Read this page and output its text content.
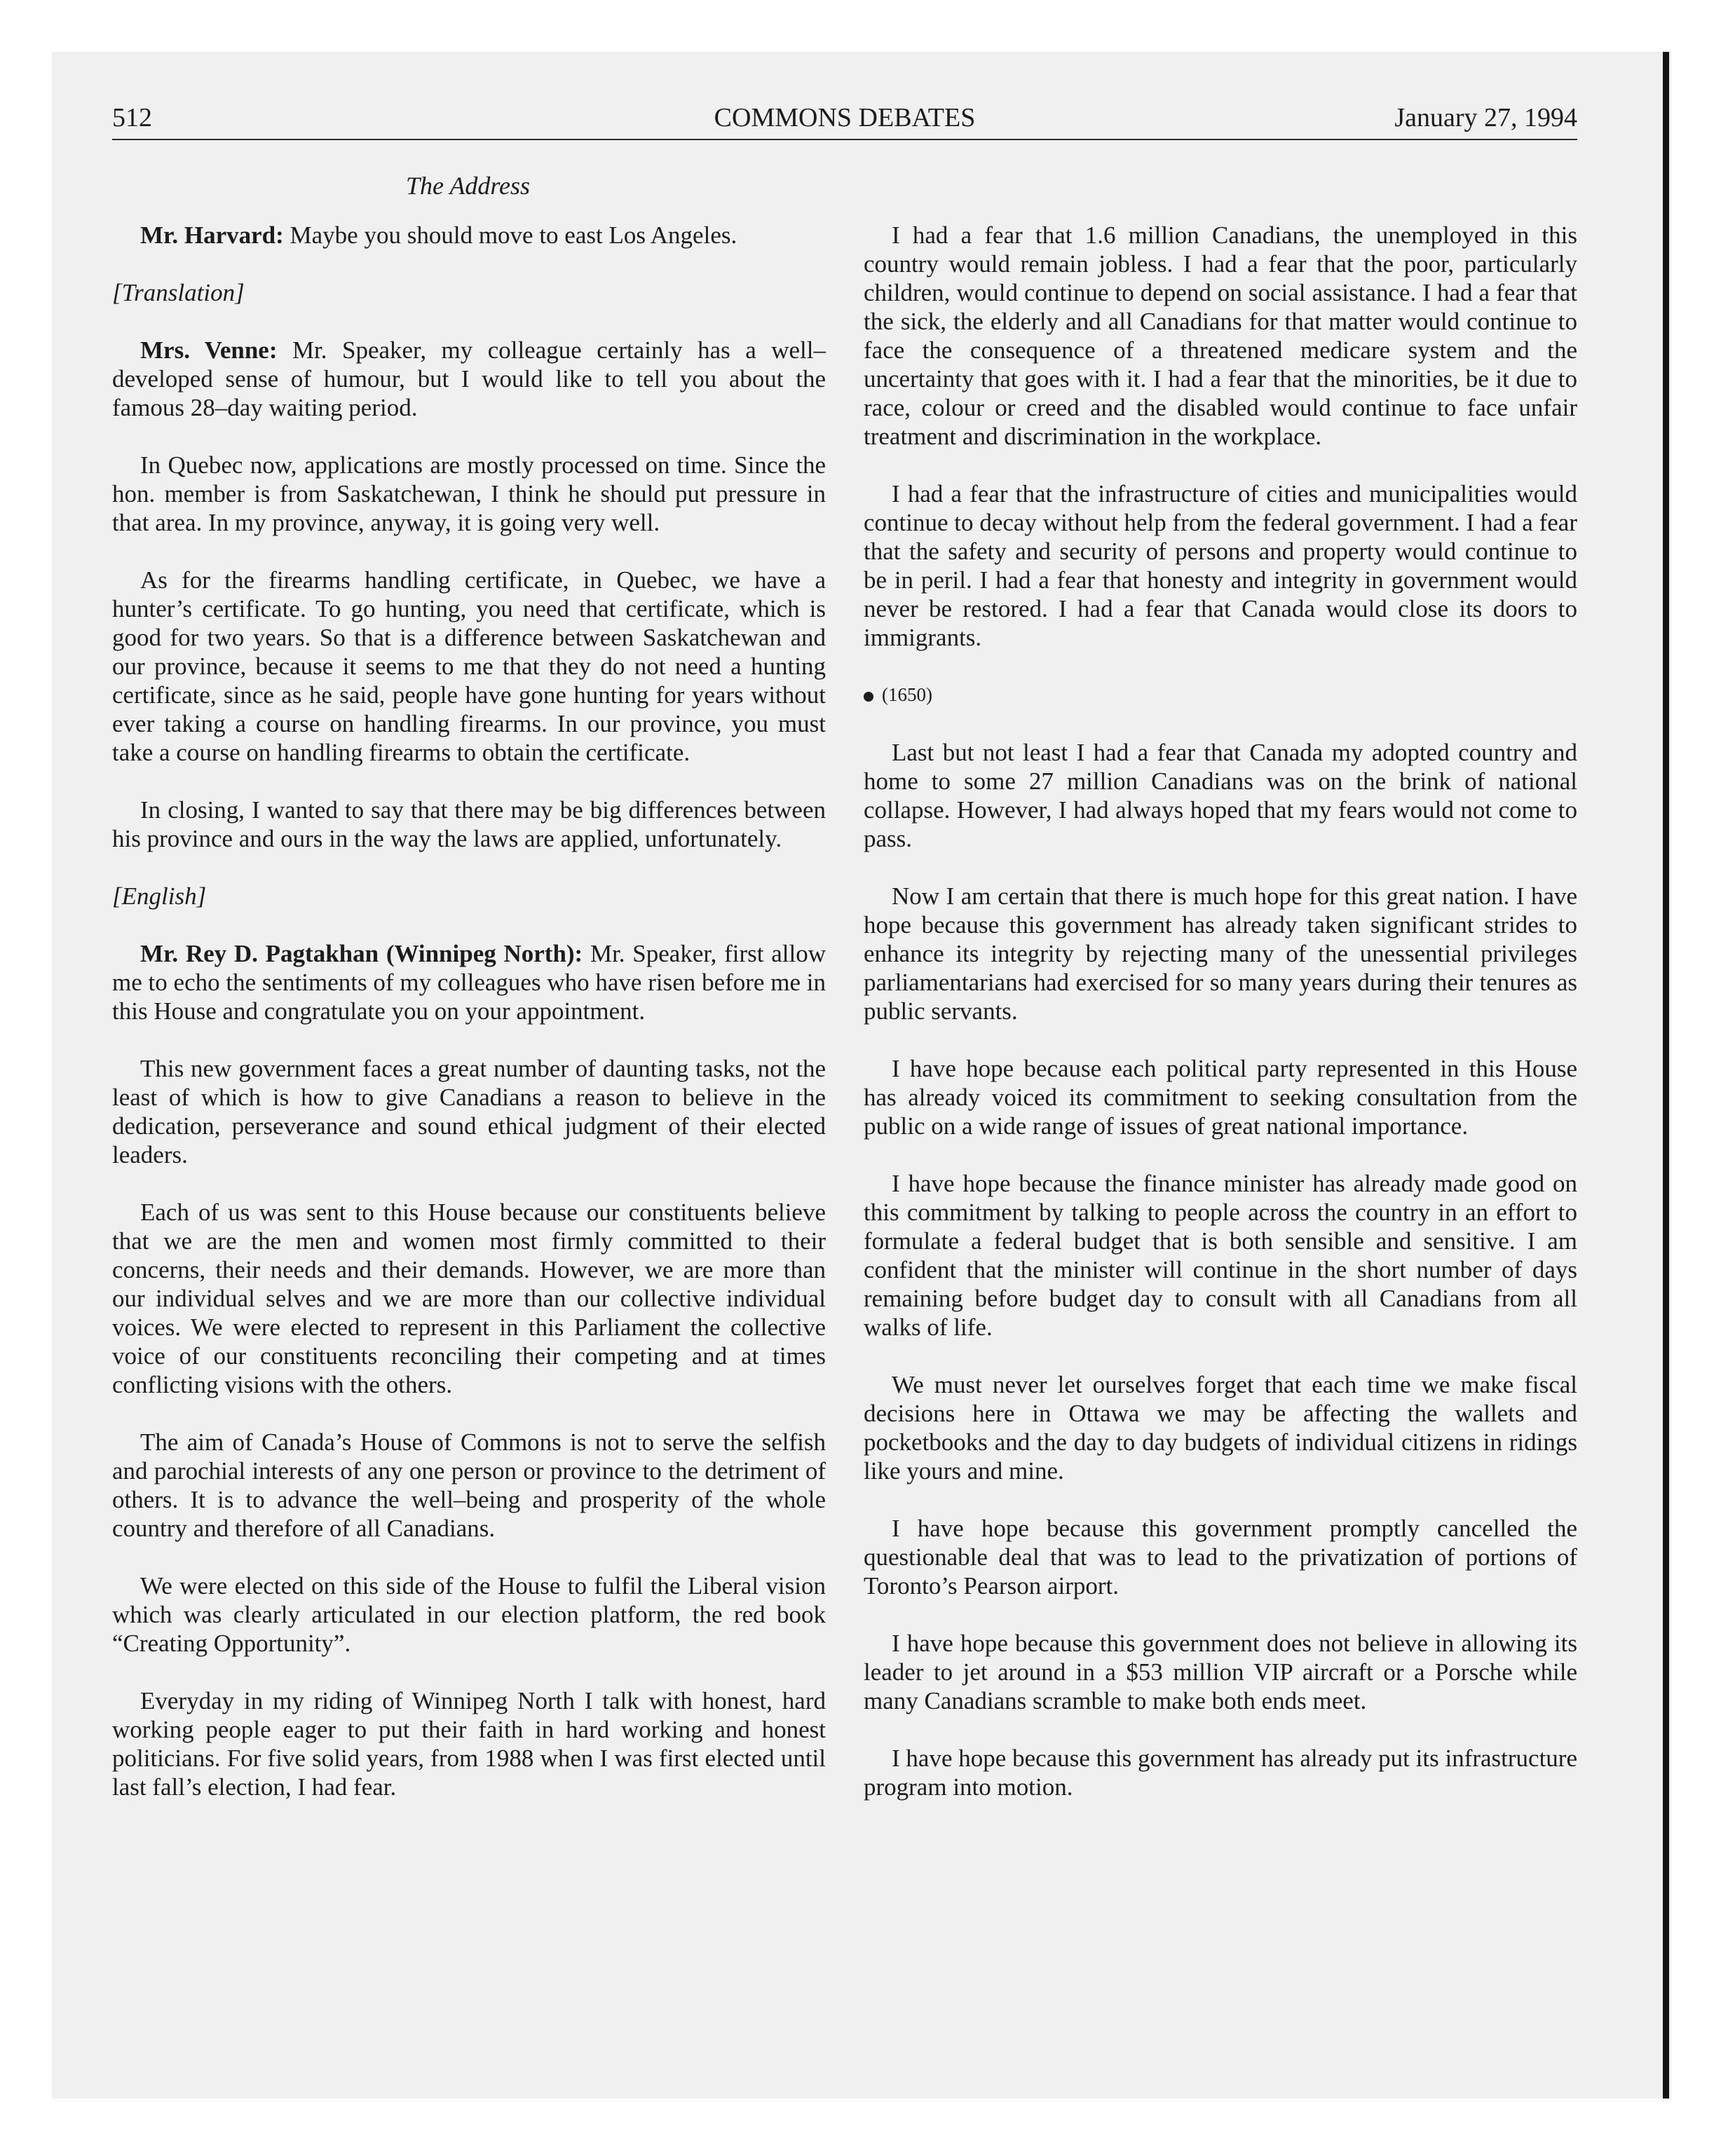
COMMONS DEBATES
512	January 27, 1994
The Address

Mr. Harvard: Maybe you should move to east Los Angeles.

[Translation]

Mrs. Venne: Mr. Speaker, my colleague certainly has a well–developed sense of humour, but I would like to tell you about the famous 28–day waiting period.

In Quebec now, applications are mostly processed on time. Since the hon. member is from Saskatchewan, I think he should put pressure in that area. In my province, anyway, it is going very well.

As for the firearms handling certificate, in Quebec, we have a hunter’s certificate. To go hunting, you need that certificate, which is good for two years. So that is a difference between Saskatchewan and our province, because it seems to me that they do not need a hunting certificate, since as he said, people have gone hunting for years without ever taking a course on handling firearms. In our province, you must take a course on handling firearms to obtain the certificate.

In closing, I wanted to say that there may be big differences between his province and ours in the way the laws are applied, unfortunately.

[English]

Mr. Rey D. Pagtakhan (Winnipeg North): Mr. Speaker, first allow me to echo the sentiments of my colleagues who have risen before me in this House and congratulate you on your appointment.

This new government faces a great number of daunting tasks, not the least of which is how to give Canadians a reason to believe in the dedication, perseverance and sound ethical judgment of their elected leaders.

Each of us was sent to this House because our constituents believe that we are the men and women most firmly committed to their concerns, their needs and their demands. However, we are more than our individual selves and we are more than our collective individual voices. We were elected to represent in this Parliament the collective voice of our constituents reconciling their competing and at times conflicting visions with the others.

The aim of Canada’s House of Commons is not to serve the selfish and parochial interests of any one person or province to the detriment of others. It is to advance the well–being and prosperity of the whole country and therefore of all Canadians.

We were elected on this side of the House to fulfil the Liberal vision which was clearly articulated in our election platform, the red book “Creating Opportunity”.

Everyday in my riding of Winnipeg North I talk with honest, hard working people eager to put their faith in hard working and honest politicians. For five solid years, from 1988 when I was first elected until last fall’s election, I had fear.

I had a fear that 1.6 million Canadians, the unemployed in this country would remain jobless. I had a fear that the poor, particularly children, would continue to depend on social assistance. I had a fear that the sick, the elderly and all Canadians for that matter would continue to face the consequence of a threatened medicare system and the uncertainty that goes with it. I had a fear that the minorities, be it due to race, colour or creed and the disabled would continue to face unfair treatment and discrimination in the workplace.

I had a fear that the infrastructure of cities and municipalities would continue to decay without help from the federal government. I had a fear that the safety and security of persons and property would continue to be in peril. I had a fear that honesty and integrity in government would never be restored. I had a fear that Canada would close its doors to immigrants.

(1650)

Last but not least I had a fear that Canada my adopted country and home to some 27 million Canadians was on the brink of national collapse. However, I had always hoped that my fears would not come to pass.

Now I am certain that there is much hope for this great nation. I have hope because this government has already taken significant strides to enhance its integrity by rejecting many of the unessential privileges parliamentarians had exercised for so many years during their tenures as public servants.

I have hope because each political party represented in this House has already voiced its commitment to seeking consultation from the public on a wide range of issues of great national importance.

I have hope because the finance minister has already made good on this commitment by talking to people across the country in an effort to formulate a federal budget that is both sensible and sensitive. I am confident that the minister will continue in the short number of days remaining before budget day to consult with all Canadians from all walks of life.

We must never let ourselves forget that each time we make fiscal decisions here in Ottawa we may be affecting the wallets and pocketbooks and the day to day budgets of individual citizens in ridings like yours and mine.

I have hope because this government promptly cancelled the questionable deal that was to lead to the privatization of portions of Toronto’s Pearson airport.

I have hope because this government does not believe in allowing its leader to jet around in a $53 million VIP aircraft or a Porsche while many Canadians scramble to make both ends meet.

I have hope because this government has already put its infrastructure program into motion.
